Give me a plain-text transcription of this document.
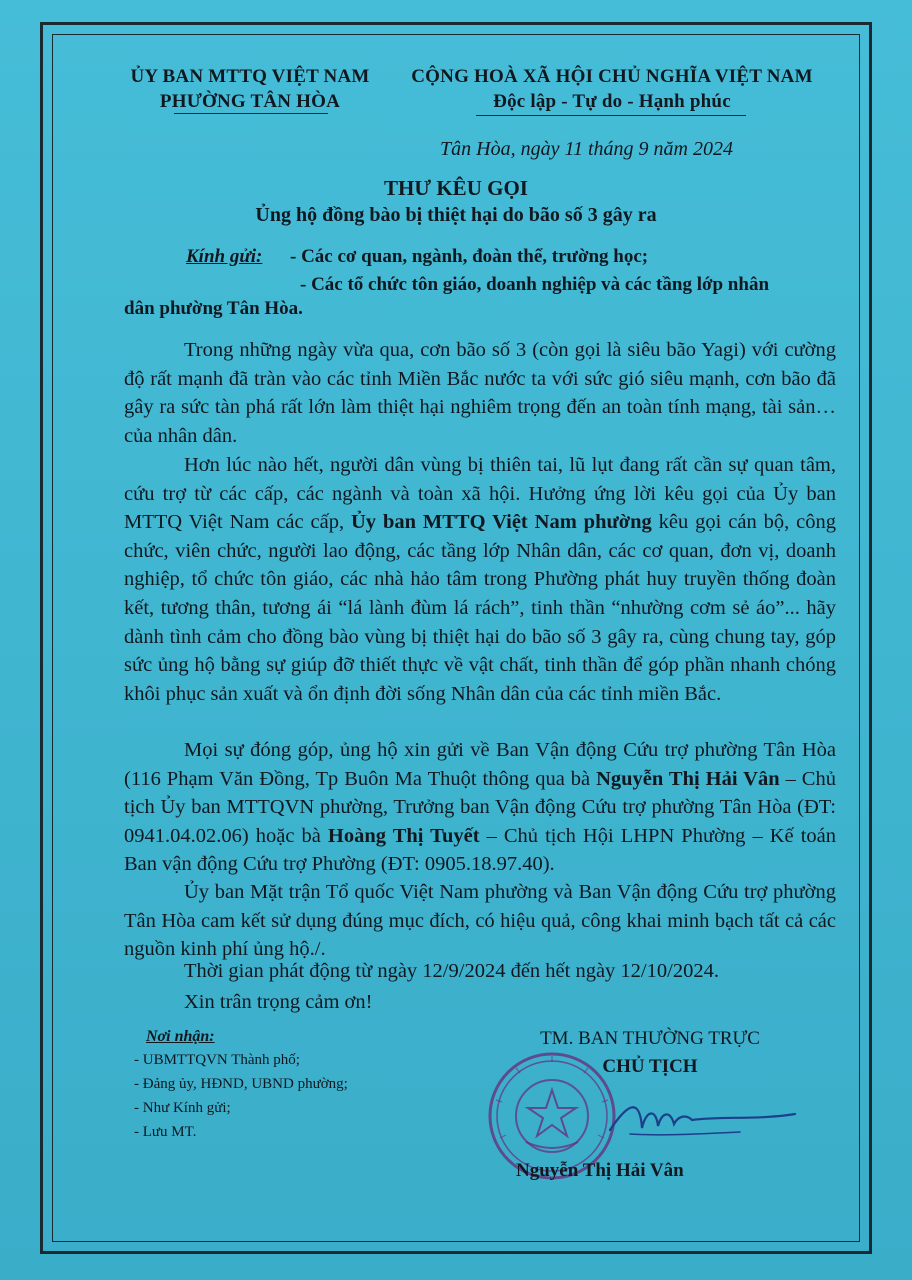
ỦY BAN MTTQ VIỆT NAM
PHƯỜNG TÂN HÒA
CỘNG HOÀ XÃ HỘI CHỦ NGHĨA VIỆT NAM
Độc lập - Tự do - Hạnh phúc
Tân Hòa, ngày 11 tháng 9 năm 2024
THƯ KÊU GỌI
Ủng hộ đồng bào bị thiệt hại do bão số 3 gây ra
Kính gửi: - Các cơ quan, ngành, đoàn thể, trường học;
- Các tổ chức tôn giáo, doanh nghiệp và các tầng lớp nhân
dân phường Tân Hòa.
Trong những ngày vừa qua, cơn bão số 3 (còn gọi là siêu bão Yagi) với cường độ rất mạnh đã tràn vào các tỉnh Miền Bắc nước ta với sức gió siêu mạnh, cơn bão đã gây ra sức tàn phá rất lớn làm thiệt hại nghiêm trọng đến an toàn tính mạng, tài sản… của nhân dân.
Hơn lúc nào hết, người dân vùng bị thiên tai, lũ lụt đang rất cần sự quan tâm, cứu trợ từ các cấp, các ngành và toàn xã hội. Hưởng ứng lời kêu gọi của Ủy ban MTTQ Việt Nam các cấp, Ủy ban MTTQ Việt Nam phường kêu gọi cán bộ, công chức, viên chức, người lao động, các tầng lớp Nhân dân, các cơ quan, đơn vị, doanh nghiệp, tổ chức tôn giáo, các nhà hảo tâm trong Phường phát huy truyền thống đoàn kết, tương thân, tương ái “lá lành đùm lá rách”, tinh thần “nhường cơm sẻ áo”... hãy dành tình cảm cho đồng bào vùng bị thiệt hại do bão số 3 gây ra, cùng chung tay, góp sức ủng hộ bằng sự giúp đỡ thiết thực về vật chất, tinh thần để góp phần nhanh chóng khôi phục sản xuất và ổn định đời sống Nhân dân của các tỉnh miền Bắc.
Mọi sự đóng góp, ủng hộ xin gửi về Ban Vận động Cứu trợ phường Tân Hòa (116 Phạm Văn Đồng, Tp Buôn Ma Thuột thông qua bà Nguyễn Thị Hải Vân – Chủ tịch Ủy ban MTTQVN phường, Trưởng ban Vận động Cứu trợ phường Tân Hòa (ĐT: 0941.04.02.06) hoặc bà Hoàng Thị Tuyết – Chủ tịch Hội LHPN Phường – Kế toán Ban vận động Cứu trợ Phường (ĐT: 0905.18.97.40).
Ủy ban Mặt trận Tổ quốc Việt Nam phường và Ban Vận động Cứu trợ phường Tân Hòa cam kết sử dụng đúng mục đích, có hiệu quả, công khai minh bạch tất cả các nguồn kinh phí ủng hộ./.
Thời gian phát động từ ngày 12/9/2024 đến hết ngày 12/10/2024.
Xin trân trọng cảm ơn!
Nơi nhận:
- UBMTTQVN Thành phố;
- Đảng ủy, HĐND, UBND phường;
- Như Kính gửi;
- Lưu MT.
TM. BAN THƯỜNG TRỰC
CHỦ TỊCH
Nguyễn Thị Hải Vân
